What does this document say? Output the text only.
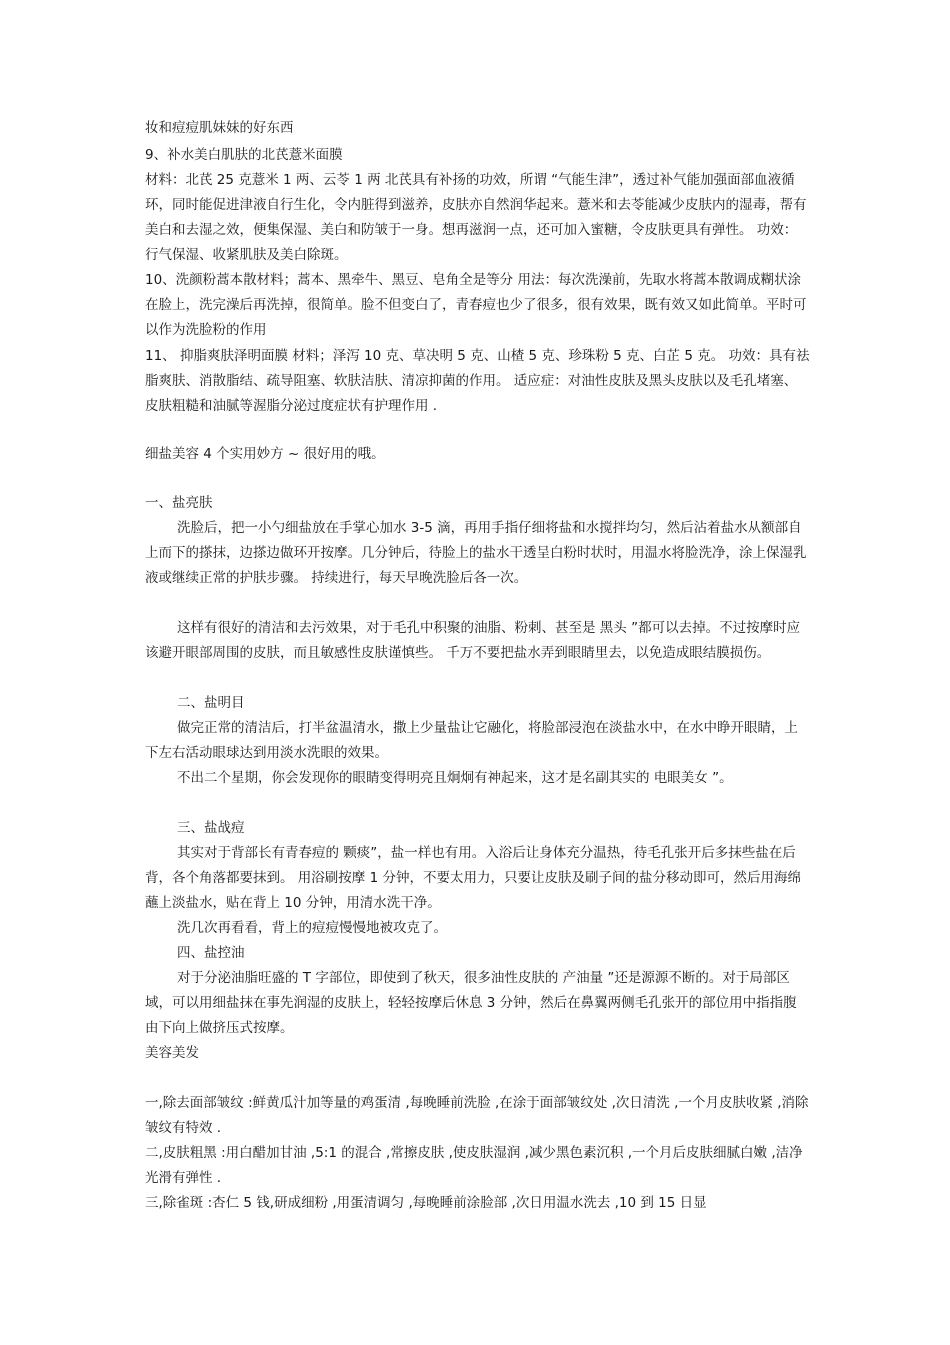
妆和痘痘肌妹妹的好东西

9、补水美白肌肤的北芪薏米面膜

材料：北芪 25 克薏米 1 两、云苓 1 两 北芪具有补扬的功效，所谓 “气能生津”，透过补气能加强面部血液循环，同时能促进津液自行生化，令内脏得到滋养，皮肤亦自然润华起来。薏米和去苓能减少皮肤内的湿毒，帮有美白和去湿之效，便集保湿、美白和防皱于一身。想再滋润一点，还可加入蜜糖，令皮肤更具有弹性。 功效：行气保湿、收紧肌肤及美白除斑。

10、洗颜粉蒿本散材料；蒿本、黑牵牛、黑豆、皂角全是等分 用法：每次洗澡前，先取水将蒿本散调成糊状涂在脸上，洗完澡后再洗掉，很简单。脸不但变白了，青春痘也少了很多，很有效果，既有效又如此简单。平时可以作为洗脸粉的作用

11、 抑脂爽肤泽明面膜 材料；泽泻 10 克、草决明 5 克、山楂 5 克、珍珠粉 5 克、白芷 5 克。 功效：具有祛脂爽肤、消散脂结、疏导阻塞、软肤洁肤、清凉抑菌的作用。 适应症：对油性皮肤及黑头皮肤以及毛孔堵塞、皮肤粗糙和油腻等渥脂分泌过度症状有护理作用 .

细盐美容 4 个实用妙方 ~ 很好用的哦。

一、盐亮肤

洗脸后，把一小勺细盐放在手掌心加水 3-5 滴，再用手指仔细将盐和水搅拌均匀，然后沾着盐水从额部自上而下的搽抹，边搽边做环开按摩。几分钟后，待脸上的盐水干透呈白粉时状时，用温水将脸洗净，涂上保湿乳液或继续正常的护肤步骤。 持续进行，每天早晚洗脸后各一次。

这样有很好的清洁和去污效果，对于毛孔中积聚的油脂、粉刺、甚至是 黑头 ”都可以去掉。不过按摩时应该避开眼部周围的皮肤，而且敏感性皮肤谨慎些。 千万不要把盐水弄到眼睛里去，以免造成眼结膜损伤。

二、盐明目

做完正常的清洁后，打半盆温清水，撒上少量盐让它融化，将脸部浸泡在淡盐水中，在水中睁开眼睛，上下左右活动眼球达到用淡水洗眼的效果。

不出二个星期，你会发现你的眼睛变得明亮且炯炯有神起来，这才是名副其实的 电眼美女 ”。

三、盐战痘

其实对于背部长有青春痘的 颗痰”，盐一样也有用。入浴后让身体充分温热，待毛孔张开后多抹些盐在后背，各个角落都要抹到。 用浴刷按摩 1 分钟，不要太用力，只要让皮肤及刷子间的盐分移动即可，然后用海绵蘸上淡盐水，贴在背上 10 分钟，用清水洗干净。

洗几次再看看，背上的痘痘慢慢地被攻克了。

四、盐控油

对于分泌油脂旺盛的 T 字部位，即使到了秋天，很多油性皮肤的 产油量 ”还是源源不断的。对于局部区域，可以用细盐抹在事先润湿的皮肤上，轻轻按摩后休息 3 分钟，然后在鼻翼两侧毛孔张开的部位用中指指腹由下向上做挤压式按摩。

美容美发

一,除去面部皱纹 :鲜黄瓜汁加等量的鸡蛋清 ,每晚睡前洗脸 ,在涂于面部皱纹处 ,次日清洗 ,一个月皮肤收紧 ,消除皱纹有特效 .

二,皮肤粗黑 :用白醋加甘油 ,5:1 的混合 ,常擦皮肤 ,使皮肤湿润 ,减少黑色素沉积 ,一个月后皮肤细腻白嫩 ,洁净光滑有弹性 .

三,除雀斑 :杏仁 5 钱,研成细粉 ,用蛋清调匀 ,每晚睡前涂脸部 ,次日用温水洗去 ,10 到 15 日显
